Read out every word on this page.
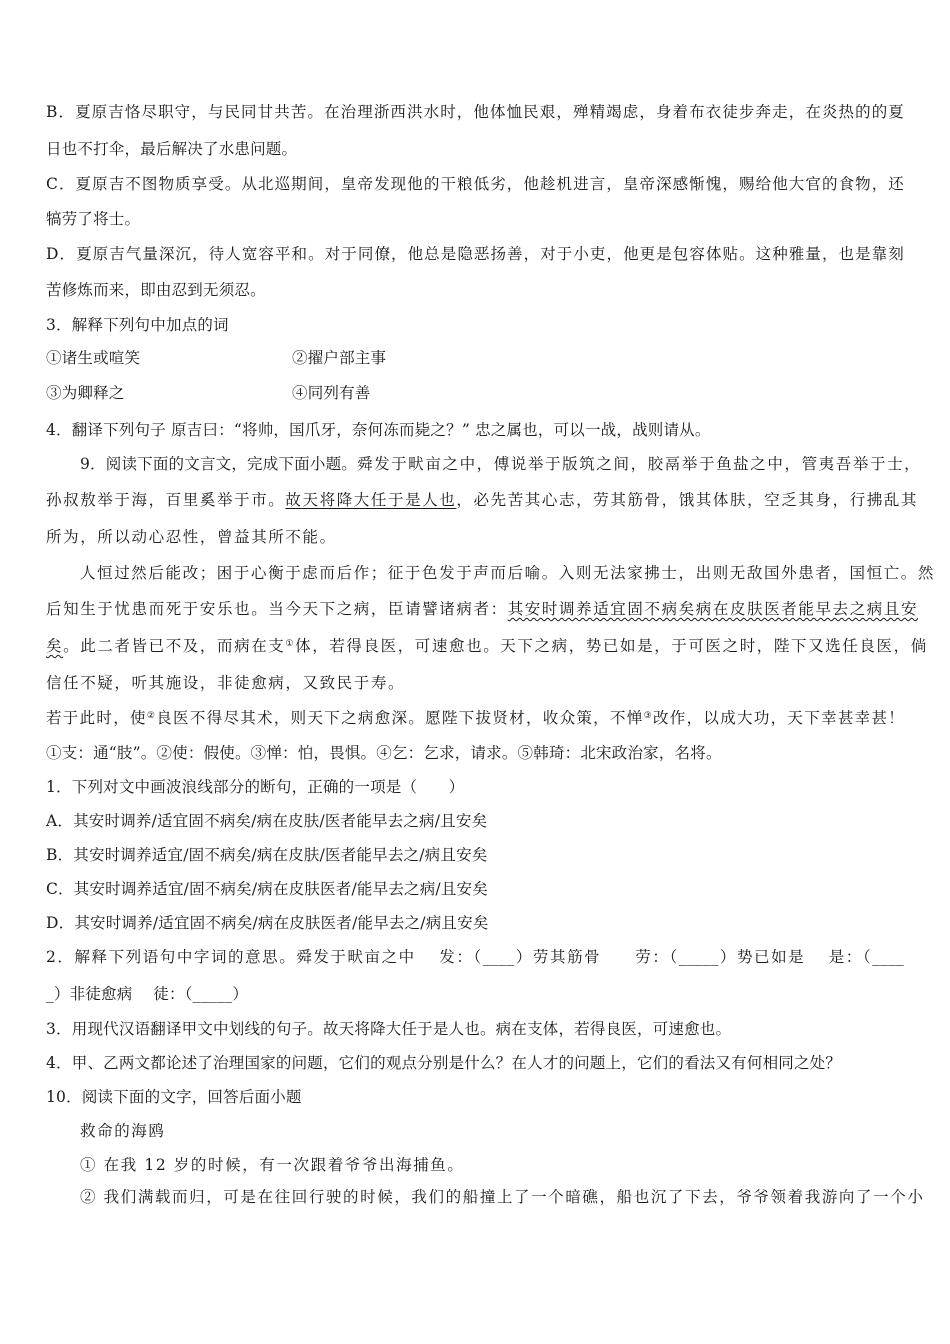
B．夏原吉恪尽职守，与民同甘共苦。在治理浙西洪水时，他体恤民艰，殚精竭虑，身着布衣徒步奔走，在炎热的的夏
日也不打伞，最后解决了水患问题。
C．夏原吉不图物质享受。从北巡期间，皇帝发现他的干粮低劣，他趁机进言，皇帝深感惭愧，赐给他大官的食物，还
犒劳了将士。
D．夏原吉气量深沉，待人宽容平和。对于同僚，他总是隐恶扬善，对于小吏，他更是包容体贴。这种雅量，也是靠刻
苦修炼而来，即由忍到无须忍。
3．解释下列句中加点的词
①诸生或喧笑	②擢户部主事
③为卿释之	④同列有善
4．翻译下列句子 原吉曰：“将帅，国爪牙，奈何冻而毙之？” 忠之属也，可以一战，战则请从。
9．阅读下面的文言文，完成下面小题。舜发于畎亩之中，傅说举于版筑之间，胶鬲举于鱼盐之中，管夷吾举于士，
孙叔敖举于海，百里奚举于市。故天将降大任于是人也，必先苦其心志，劳其筋骨，饿其体肤，空乏其身，行拂乱其
所为，所以动心忍性，曾益其所不能。
人恒过然后能改；困于心衡于虑而后作；征于色发于声而后喻。入则无法家拂士，出则无敌国外患者，国恒亡。然
后知生于忧患而死于安乐也。当今天下之病，臣请譬诸病者：其安时调养适宜固不病矣病在皮肤医者能早去之病且安
矣。此二者皆已不及，而病在支①体，若得良医，可速愈也。天下之病，势已如是，于可医之时，陛下又选任良医，倘
信任不疑，听其施设，非徒愈病，又致民于寿。
若于此时，使②良医不得尽其术，则天下之病愈深。愿陛下拔贤材，收众策，不惮③改作，以成大功，天下幸甚幸甚！
①支：通“肢”。②使：假使。③惮：怕，畏惧。④乞：乞求，请求。⑤韩琦：北宋政治家，名将。
1．下列对文中画波浪线部分的断句，正确的一项是（　　）
A．其安时调养/适宜固不病矣/病在皮肤/医者能早去之病/且安矣
B．其安时调养适宜/固不病矣/病在皮肤/医者能早去之/病且安矣
C．其安时调养适宜/固不病矣/病在皮肤医者/能早去之病/且安矣
D．其安时调养/适宜固不病矣/病在皮肤医者/能早去之/病且安矣
2．解释下列语句中字词的意思。舜发于畎亩之中　 发：（____）劳其筋骨　　劳：（_____）势已如是　 是：（____
_）非徒愈病　 徒：（_____）
3．用现代汉语翻译甲文中划线的句子。故天将降大任于是人也。病在支体，若得良医，可速愈也。
4．甲、乙两文都论述了治理国家的问题，它们的观点分别是什么？在人才的问题上，它们的看法又有何相同之处？
10．阅读下面的文字，回答后面小题
救命的海鸥
① 在我 12 岁的时候，有一次跟着爷爷出海捕鱼。
② 我们满载而归，可是在往回行驶的时候，我们的船撞上了一个暗礁，船也沉了下去，爷爷领着我游向了一个小
